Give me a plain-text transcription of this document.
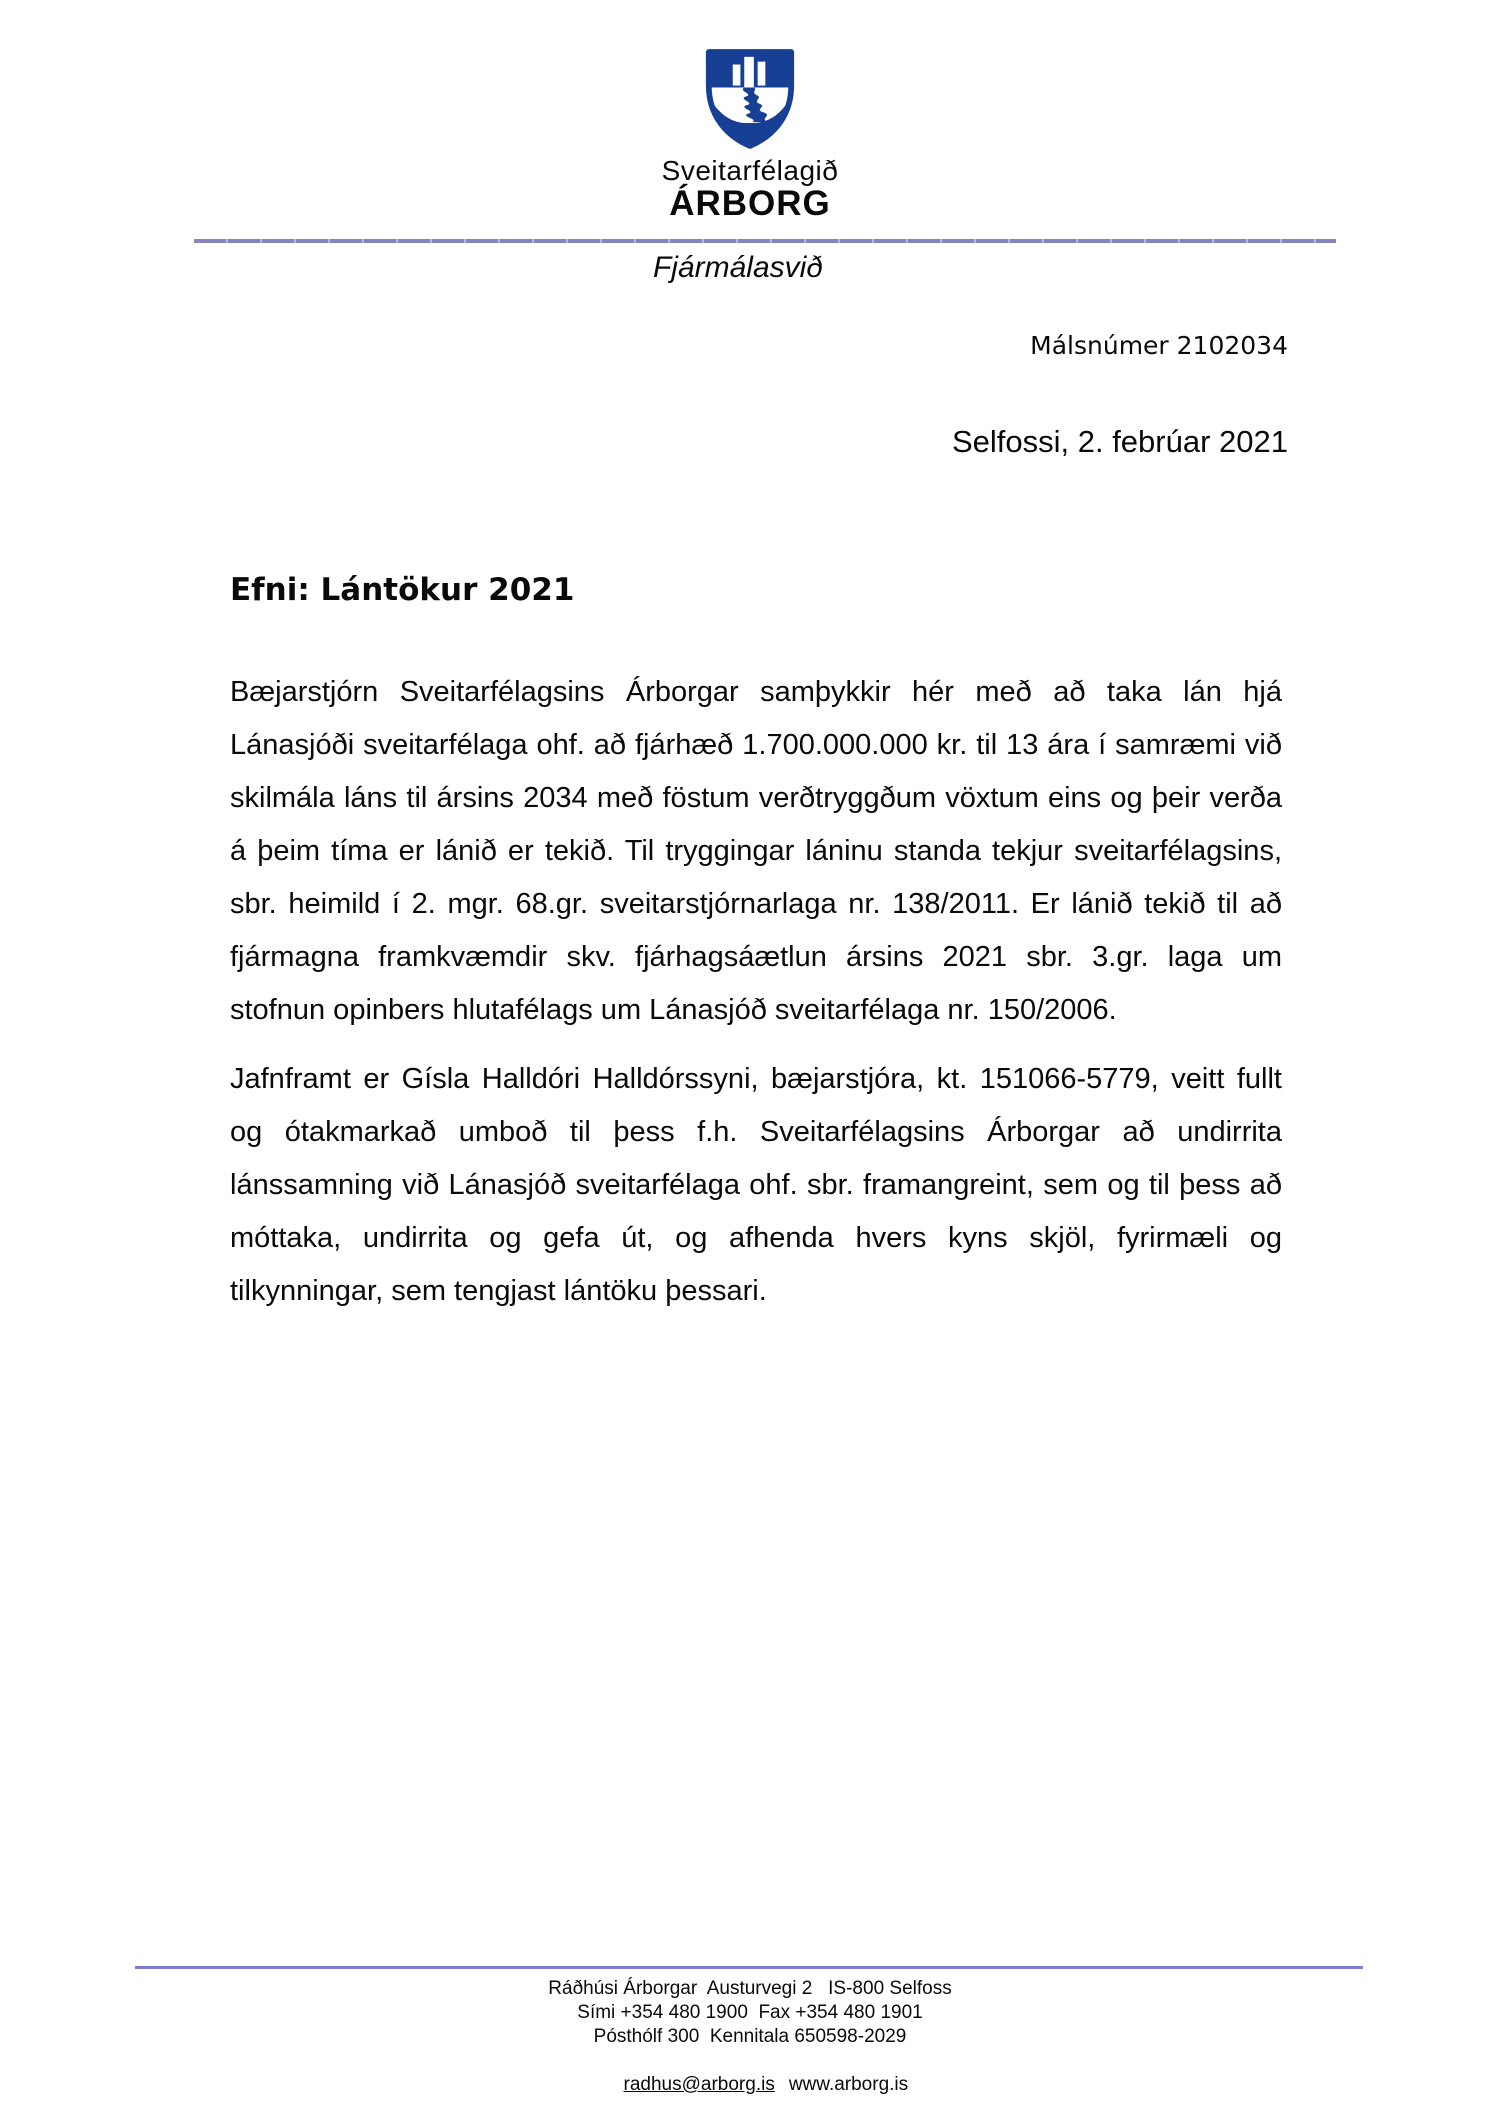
Sveitarfélagið
ÁRBORG
Fjármálasvið
Málsnúmer 2102034
Selfossi, 2. febrúar 2021
Efni: Lántökur 2021
Bæjarstjórn Sveitarfélagsins Árborgar samþykkir hér með að taka lán hjá Lánasjóði sveitarfélaga ohf. að fjárhæð 1.700.000.000 kr. til 13 ára í samræmi við skilmála láns til ársins 2034 með föstum verðtryggðum vöxtum eins og þeir verða á þeim tíma er lánið er tekið. Til tryggingar láninu standa tekjur sveitarfélagsins, sbr. heimild í 2. mgr. 68.gr. sveitarstjórnarlaga nr. 138/2011. Er lánið tekið til að fjármagna framkvæmdir skv. fjárhagsáætlun ársins 2021 sbr. 3.gr. laga um stofnun opinbers hlutafélags um Lánasjóð sveitarfélaga nr. 150/2006.
Jafnframt er Gísla Halldóri Halldórssyni, bæjarstjóra, kt. 151066-5779, veitt fullt og ótakmarkað umboð til þess f.h. Sveitarfélagsins Árborgar að undirrita lánssamning við Lánasjóð sveitarfélaga ohf. sbr. framangreint, sem og til þess að móttaka, undirrita og gefa út, og afhenda hvers kyns skjöl, fyrirmæli og tilkynningar, sem tengjast lántöku þessari.
Ráðhúsi Árborgar  Austurvegi 2   IS-800 Selfoss
Sími +354 480 1900  Fax +354 480 1901
Pósthólf 300  Kennitala 650598-2029

radhus@arborg.is www.arborg.is
